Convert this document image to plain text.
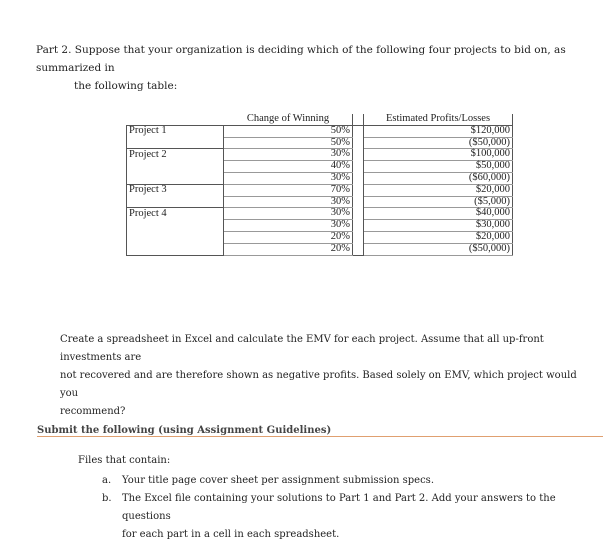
Part 2. Suppose that your organization is deciding which of the following four projects to bid on, as summarized in
the following table:
	Change of Winning		Estimated Profits/Losses
Project 1	50%		$120,000
	50%		($50,000)
Project 2	30%		$100,000
	40%		$50,000
	30%		($60,000)
Project 3	70%		$20,000
	30%		($5,000)
Project 4	30%		$40,000
	30%		$30,000
	20%		$20,000
	20%		($50,000)
Create a spreadsheet in Excel and calculate the EMV for each project. Assume that all up-front investments are
not recovered and are therefore shown as negative profits. Based solely on EMV, which project would you
recommend?
Submit the following (using Assignment Guidelines)
Files that contain:
a.	Your title page cover sheet per assignment submission specs.
b.	The Excel file containing your solutions to Part 1 and Part 2. Add your answers to the questions
for each part in a cell in each spreadsheet.
